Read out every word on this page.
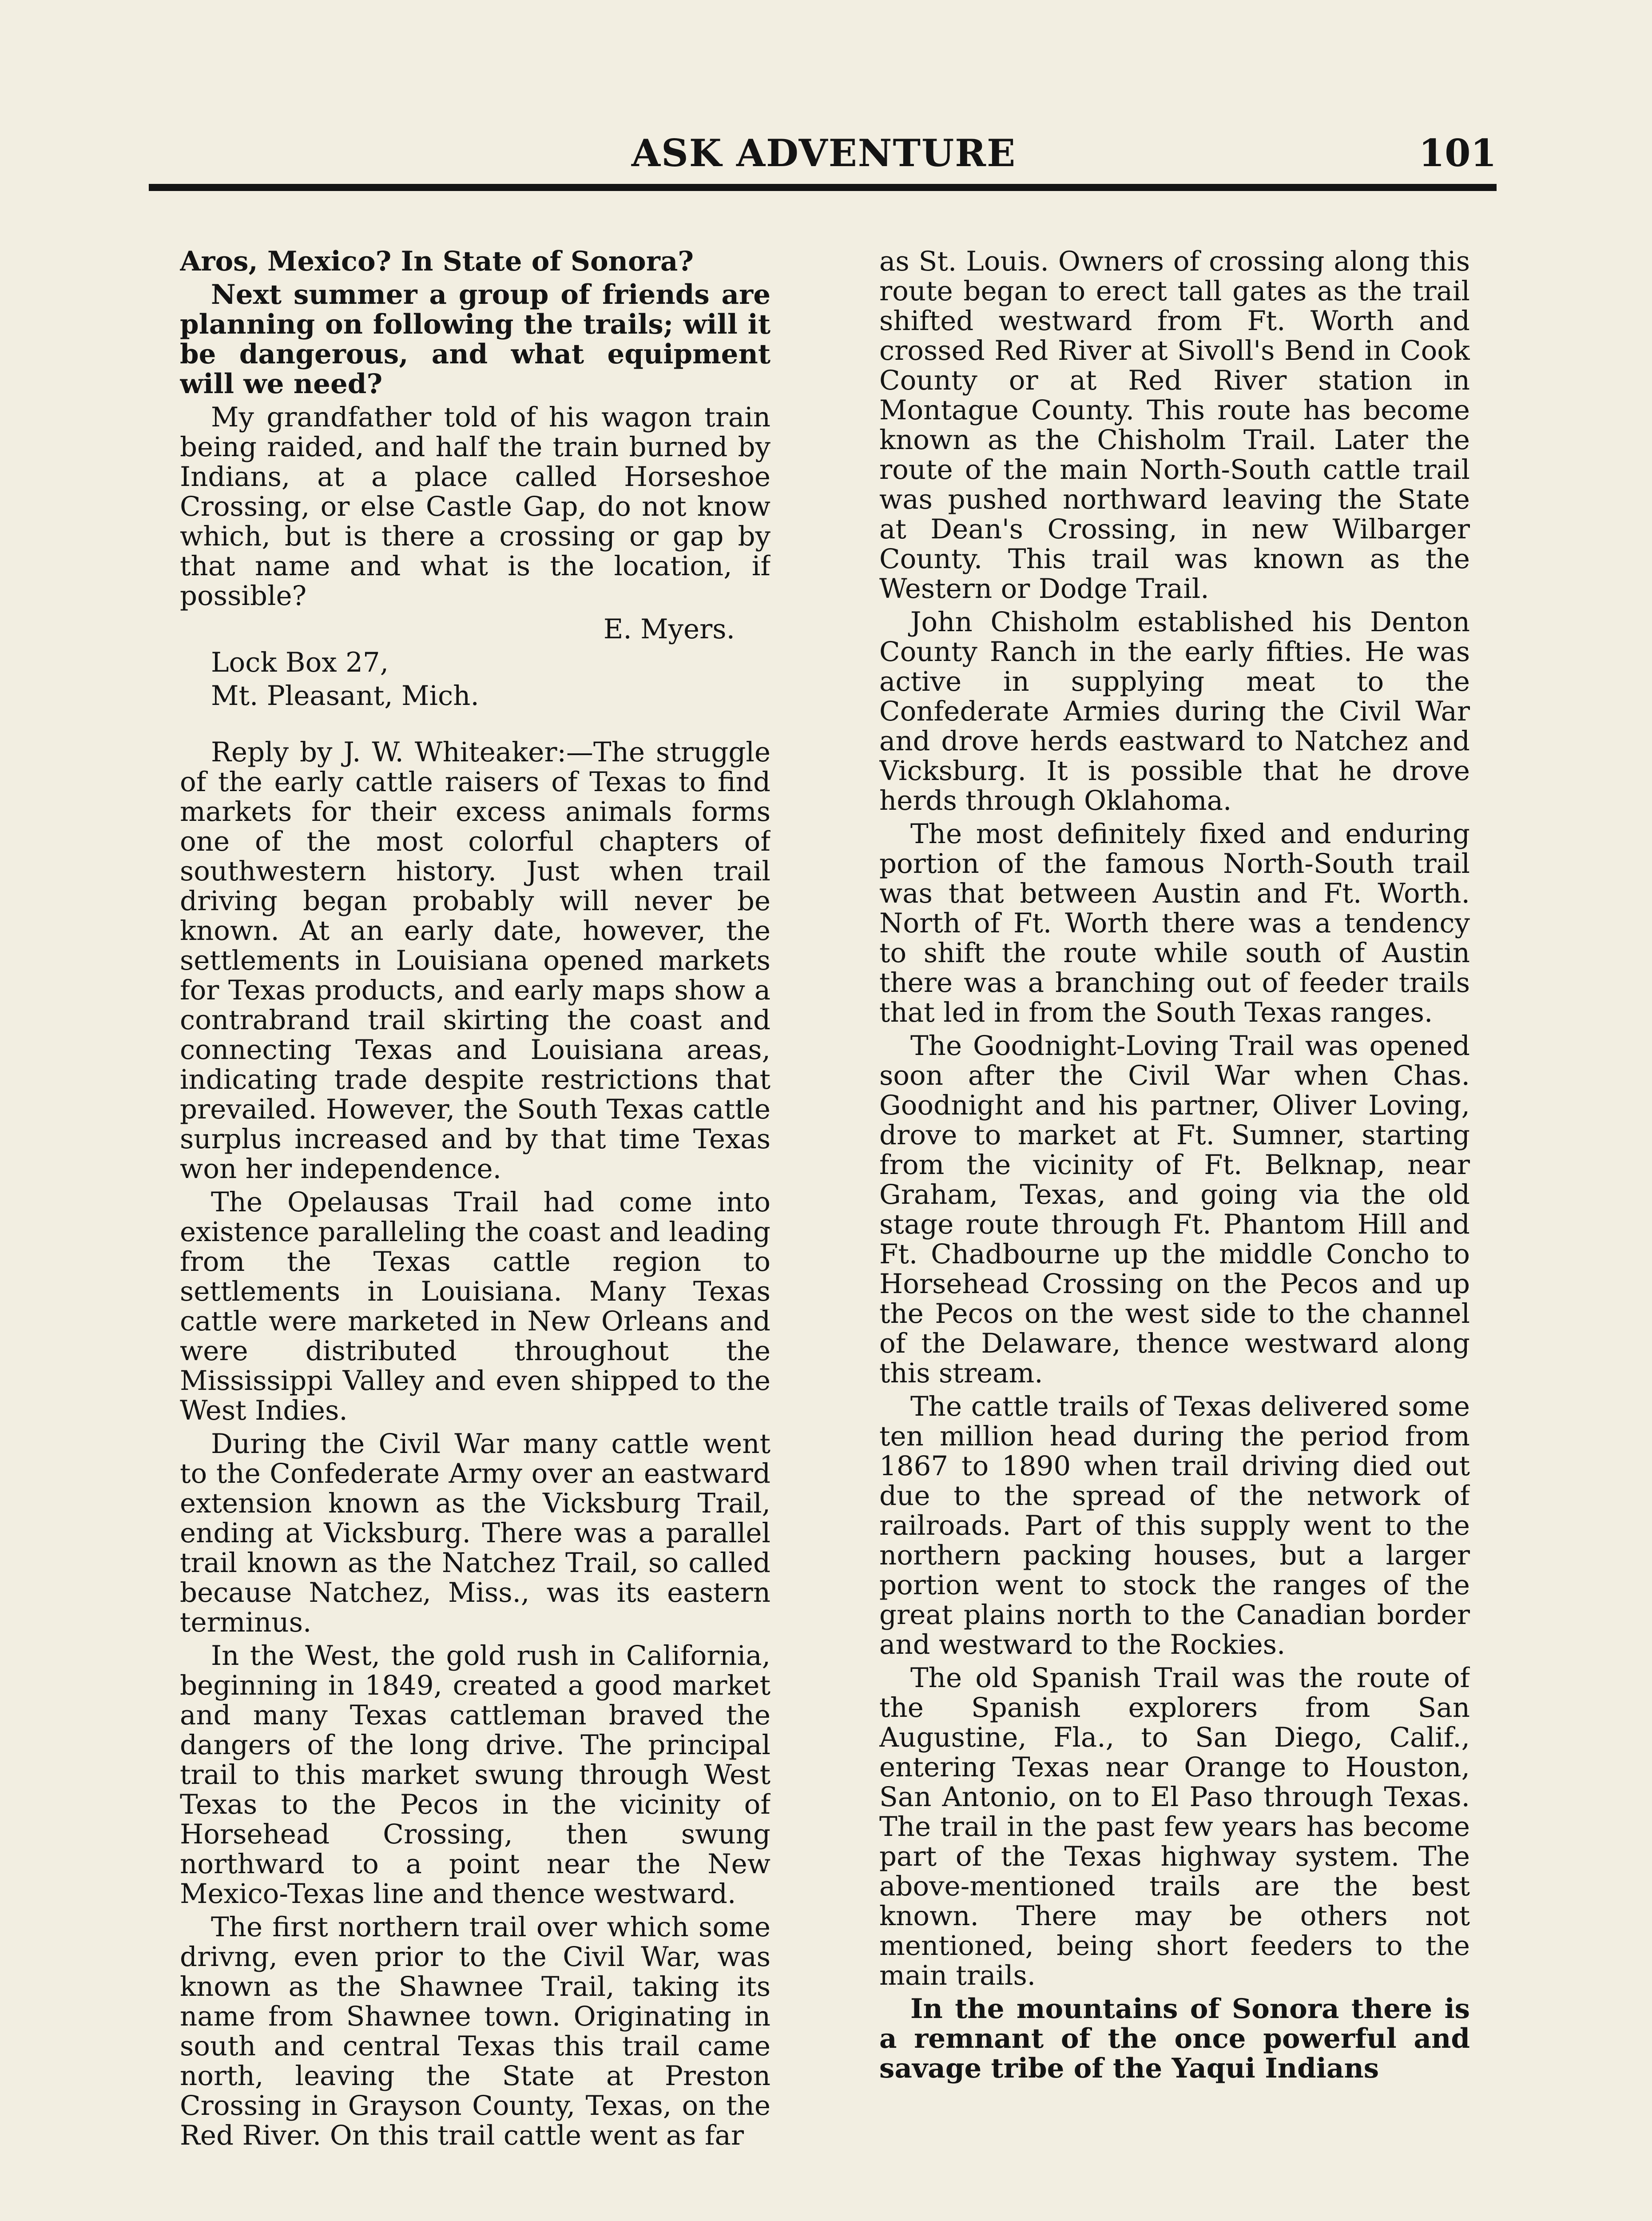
ASK ADVENTURE	101

Aros, Mexico? In State of Sonora?

Next summer a group of friends are planning on following the trails; will it be dangerous, and what equipment will we need?

My grandfather told of his wagon train being raided, and half the train burned by Indians, at a place called Horseshoe Crossing, or else Castle Gap, do not know which, but is there a crossing or gap by that name and what is the location, if possible?

E. Myers.

Lock Box 27,

Mt. Pleasant, Mich.

Reply by J. W. Whiteaker:—The struggle of the early cattle raisers of Texas to find markets for their excess animals forms one of the most colorful chapters of southwestern history. Just when trail driving began probably will never be known. At an early date, however, the settlements in Louisiana opened markets for Texas products, and early maps show a contrabrand trail skirting the coast and connecting Texas and Louisiana areas, indicating trade despite restrictions that prevailed. However, the South Texas cattle surplus increased and by that time Texas won her independence.

The Opelausas Trail had come into existence paralleling the coast and leading from the Texas cattle region to settlements in Louisiana. Many Texas cattle were marketed in New Orleans and were distributed throughout the Mississippi Valley and even shipped to the West Indies.

During the Civil War many cattle went to the Confederate Army over an eastward extension known as the Vicksburg Trail, ending at Vicksburg. There was a parallel trail known as the Natchez Trail, so called because Natchez, Miss., was its eastern terminus.

In the West, the gold rush in California, beginning in 1849, created a good market and many Texas cattleman braved the dangers of the long drive. The principal trail to this market swung through West Texas to the Pecos in the vicinity of Horsehead Crossing, then swung northward to a point near the New Mexico-Texas line and thence westward.

The first northern trail over which some drivng, even prior to the Civil War, was known as the Shawnee Trail, taking its name from Shawnee town. Originating in south and central Texas this trail came north, leaving the State at Preston Crossing in Grayson County, Texas, on the Red River. On this trail cattle went as far

as St. Louis. Owners of crossing along this route began to erect tall gates as the trail shifted westward from Ft. Worth and crossed Red River at Sivoll's Bend in Cook County or at Red River station in Montague County. This route has become known as the Chisholm Trail. Later the route of the main North-South cattle trail was pushed northward leaving the State at Dean's Crossing, in new Wilbarger County. This trail was known as the Western or Dodge Trail.

John Chisholm established his Denton County Ranch in the early fifties. He was active in supplying meat to the Confederate Armies during the Civil War and drove herds eastward to Natchez and Vicksburg. It is possible that he drove herds through Oklahoma.

The most definitely fixed and enduring portion of the famous North-South trail was that between Austin and Ft. Worth. North of Ft. Worth there was a tendency to shift the route while south of Austin there was a branching out of feeder trails that led in from the South Texas ranges.

The Goodnight-Loving Trail was opened soon after the Civil War when Chas. Goodnight and his partner, Oliver Loving, drove to market at Ft. Sumner, starting from the vicinity of Ft. Belknap, near Graham, Texas, and going via the old stage route through Ft. Phantom Hill and Ft. Chadbourne up the middle Concho to Horsehead Crossing on the Pecos and up the Pecos on the west side to the channel of the Delaware, thence westward along this stream.

The cattle trails of Texas delivered some ten million head during the period from 1867 to 1890 when trail driving died out due to the spread of the network of railroads. Part of this supply went to the northern packing houses, but a larger portion went to stock the ranges of the great plains north to the Canadian border and westward to the Rockies.

The old Spanish Trail was the route of the Spanish explorers from San Augustine, Fla., to San Diego, Calif., entering Texas near Orange to Houston, San Antonio, on to El Paso through Texas. The trail in the past few years has become part of the Texas highway system. The above-mentioned trails are the best known. There may be others not mentioned, being short feeders to the main trails.

In the mountains of Sonora there is a remnant of the once powerful and savage tribe of the Yaqui Indians
